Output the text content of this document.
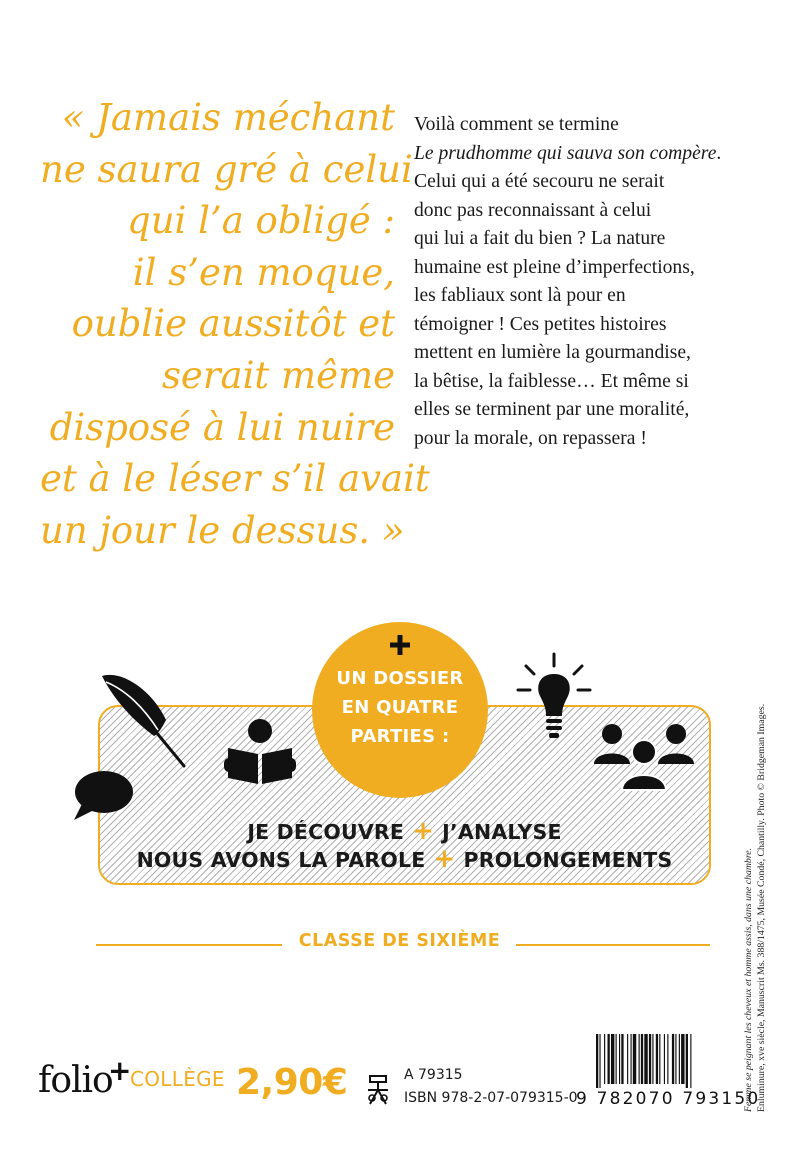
« Jamais méchant
ne saura gré à celui
qui l’a obligé :
il s’en moque,
oublie aussitôt et
serait même
disposé à lui nuire
et à le léser s’il avait
un jour le dessus. »
Voilà comment se termine
Le prudhomme qui sauva son compère.
Celui qui a été secouru ne serait
donc pas reconnaissant à celui
qui lui a fait du bien ? La nature
humaine est pleine d’imperfections,
les fabliaux sont là pour en
témoigner ! Ces petites histoires
mettent en lumière la gourmandise,
la bêtise, la faiblesse… Et même si
elles se terminent par une moralité,
pour la morale, on repassera !
UN DOSSIER
EN QUATRE
PARTIES :
JE DÉCOUVRE + J’ANALYSE
NOUS AVONS LA PAROLE + PROLONGEMENTS
CLASSE DE SIXIÈME
folio
+
COLLÈGE 2,90€	A 79315
ISBN 978-2-07-079315-0
9 782070 793150
Femme se peignant les cheveux et homme assis, dans une chambre. Enluminure, xve siècle, Manuscrit Ms. 388/1475, Musée Condé, Chantilly. Photo © Bridgeman Images.
